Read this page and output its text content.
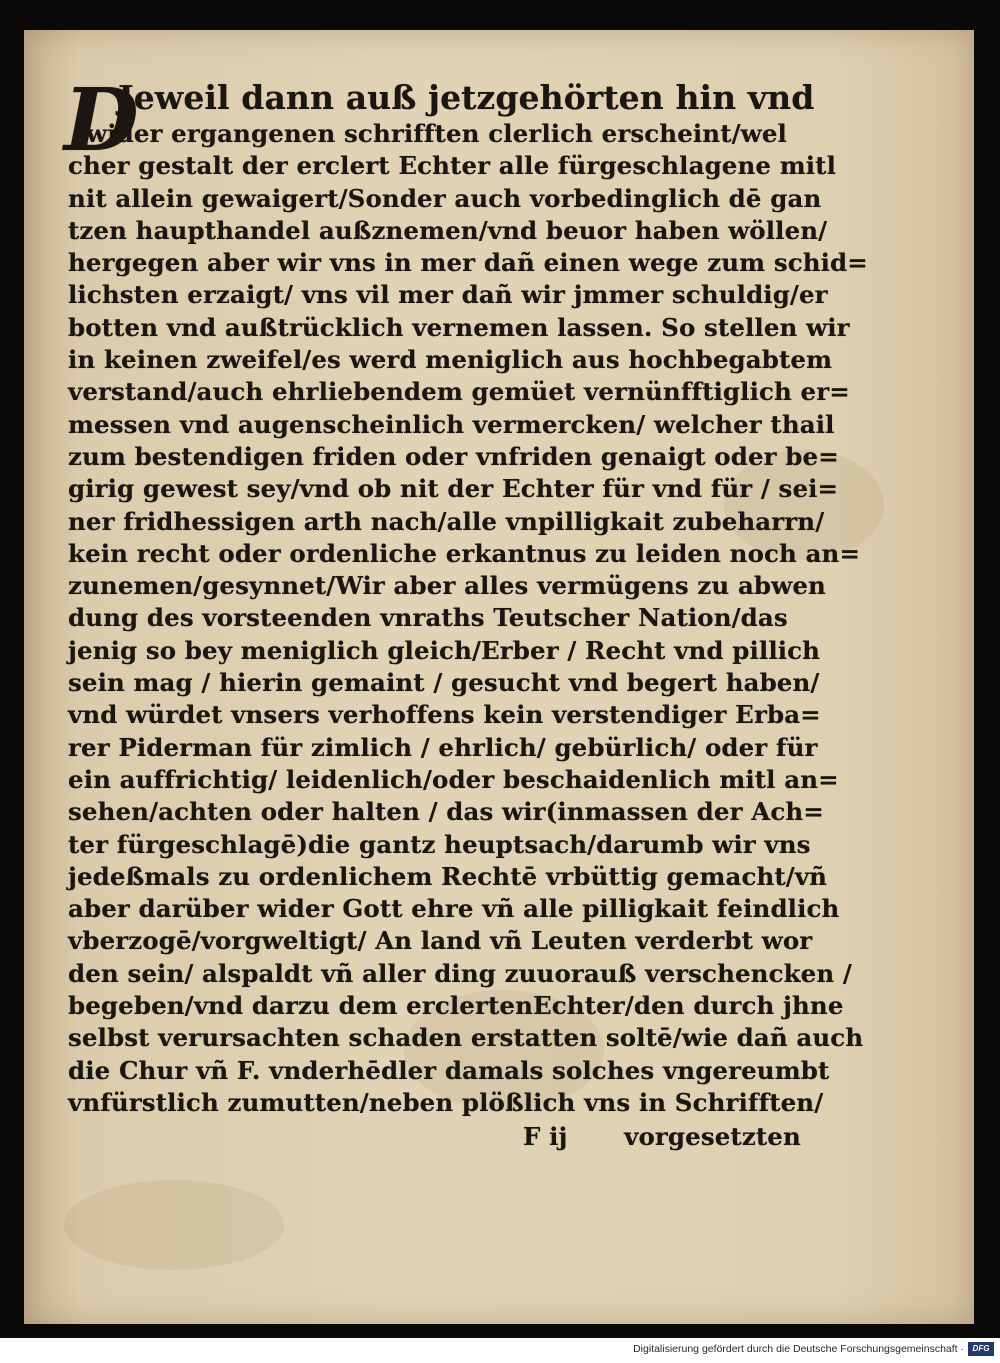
D
Jeweil dann auß jetzgehörten hin vnd
wider ergangenen schrifften clerlich erscheint/wel
cher gestalt der erclert Echter alle fürgeschlagene mitl
nit allein gewaigert/Sonder auch vorbedinglich dē gan
tzen haupthandel außznemen/vnd beuor haben wöllen/
hergegen aber wir vns in mer dañ einen wege zum schid=
lichsten erzaigt/ vns vil mer dañ wir jmmer schuldig/er
botten vnd außtrücklich vernemen lassen. So stellen wir
in keinen zweifel/es werd meniglich aus hochbegabtem
verstand/auch ehrliebendem gemüet vernünfftiglich er=
messen vnd augenscheinlich vermercken/ welcher thail
zum bestendigen friden oder vnfriden genaigt oder be=
girig gewest sey/vnd ob nit der Echter für vnd für / sei=
ner fridhessigen arth nach/alle vnpilligkait zubeharrn/
kein recht oder ordenliche erkantnus zu leiden noch an=
zunemen/gesynnet/Wir aber alles vermügens zu abwen
dung des vorsteenden vnraths Teutscher Nation/das
jenig so bey meniglich gleich/Erber / Recht vnd pillich
sein mag / hierin gemaint / gesucht vnd begert haben/
vnd würdet vnsers verhoffens kein verstendiger Erba=
rer Piderman für zimlich / ehrlich/ gebürlich/ oder für
ein auffrichtig/ leidenlich/oder beschaidenlich mitl an=
sehen/achten oder halten / das wir(inmassen der Ach=
ter fürgeschlagē)die gantz heuptsach/darumb wir vns
jedeßmals zu ordenlichem Rechtē vrbüttig gemacht/vñ
aber darüber wider Gott ehre vñ alle pilligkait feindlich
vberzogē/vorgweltigt/ An land vñ Leuten verderbt wor
den sein/ alspaldt vñ aller ding zuuorauß verschencken /
begeben/vnd darzu dem erclertenEchter/den durch jhne
selbst verursachten schaden erstatten soltē/wie dañ auch
die Chur vñ F. vnderhēdler damals solches vngereumbt
vnfürstlich zumutten/neben plößlich vns in Schrifften/
F ij vorgesetzten
Digitalisierung gefördert durch die Deutsche Forschungsgemeinschaft ·	DFG
